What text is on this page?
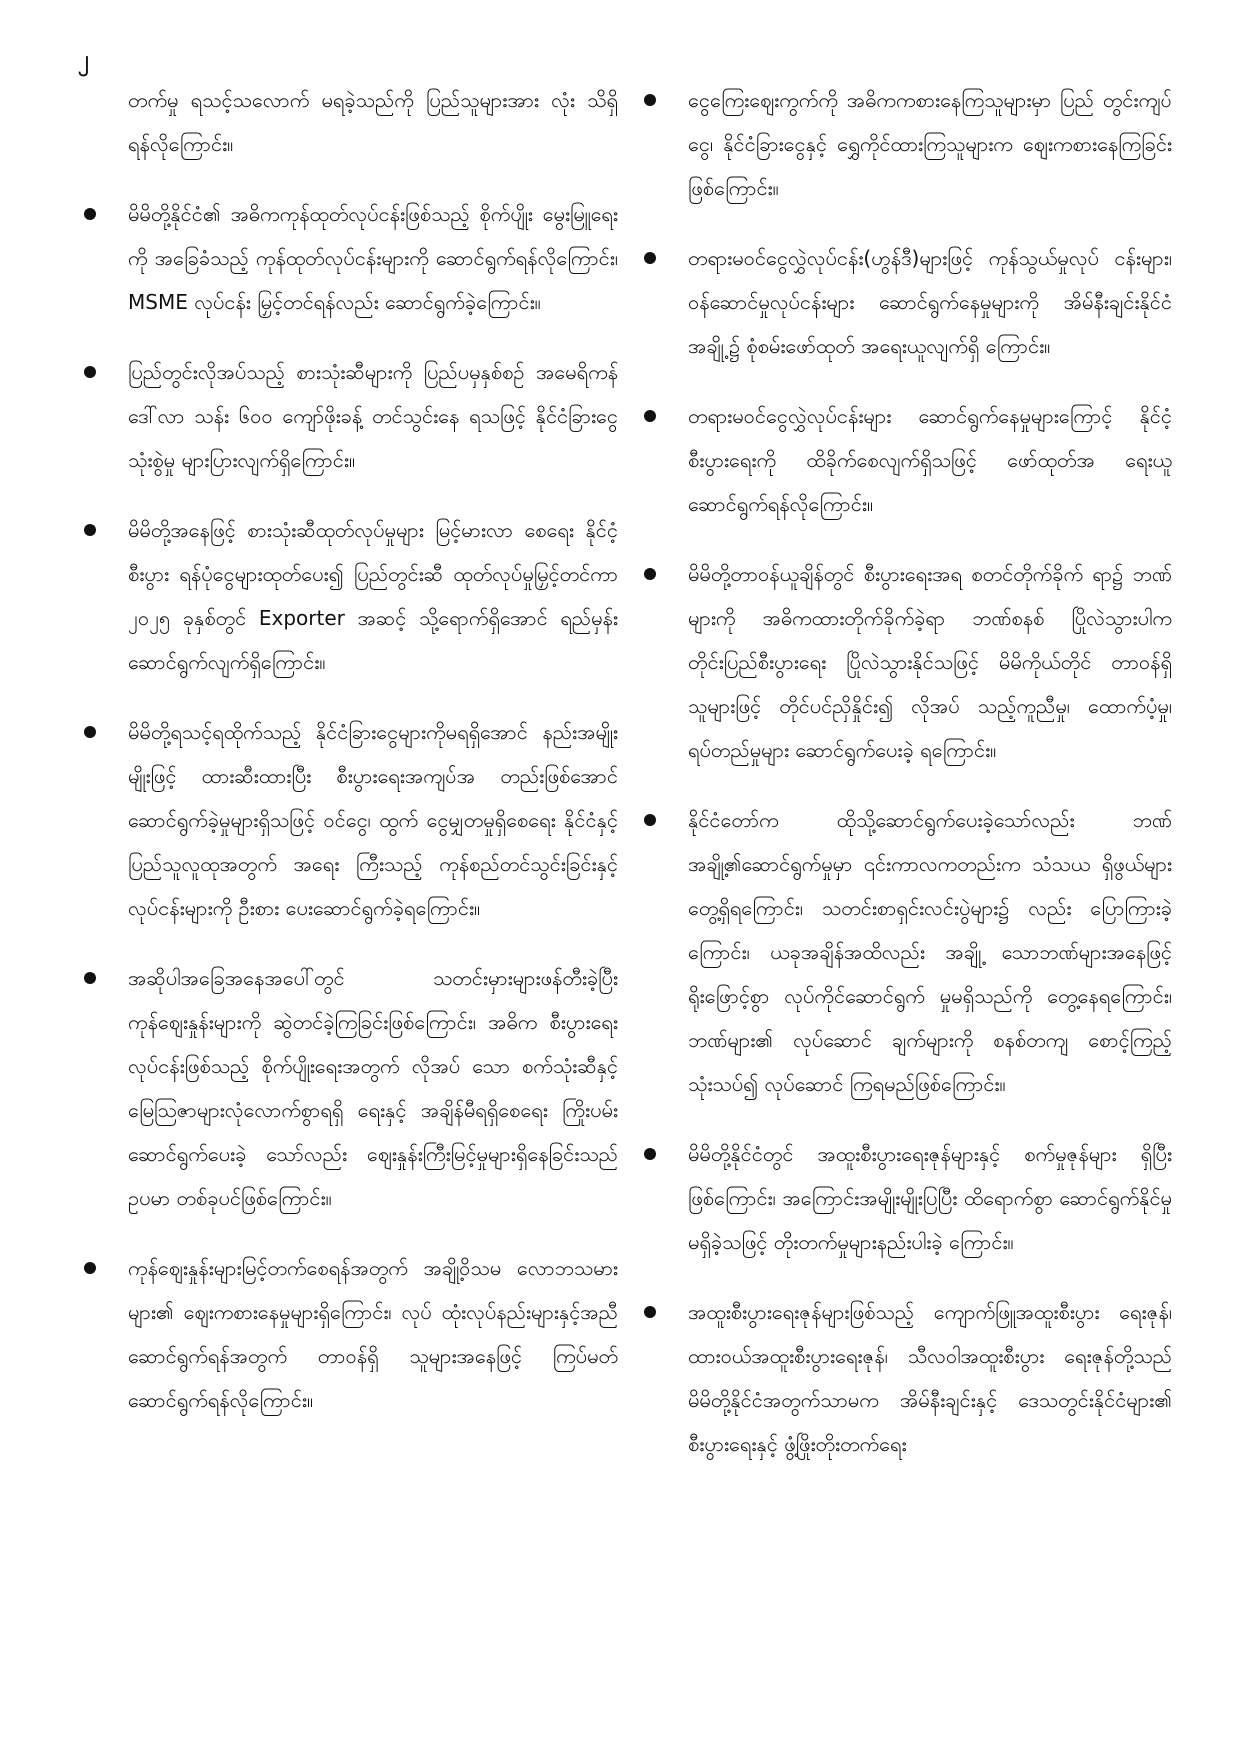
၂

တက်မှု ရသင့်သလောက် မရခဲ့သည်ကို ပြည်သူများအား လုံး သိရှိရန်လိုကြောင်း။

မိမိတို့နိုင်ငံ၏ အဓိကကုန်ထုတ်လုပ်ငန်းဖြစ်သည့် စိုက်ပျိုး မွေးမြူရေးကို အခြေခံသည့် ကုန်ထုတ်လုပ်ငန်းများကို ဆောင်ရွက်ရန်လိုကြောင်း၊ MSME လုပ်ငန်း မြှင့်တင်ရန်လည်း ဆောင်ရွက်ခဲ့ကြောင်း။
ပြည်တွင်းလိုအပ်သည့် စားသုံးဆီများကို ပြည်ပမှနှစ်စဉ် အမေရိကန်ဒေါ်လာ သန်း ၆၀၀ ကျော်ဖိုးခန့် တင်သွင်းနေ ရသဖြင့် နိုင်ငံခြားငွေသုံးစွဲမှု များပြားလျက်ရှိကြောင်း။
မိမိတို့အနေဖြင့် စားသုံးဆီထုတ်လုပ်မှုများ မြင့်မားလာ စေရေး နိုင်ငံ့စီးပွား ရန်ပုံငွေများထုတ်ပေး၍ ပြည်တွင်းဆီ ထုတ်လုပ်မှုမြှင့်တင်ကာ ၂၀၂၅ ခုနှစ်တွင် Exporter အဆင့် သို့ရောက်ရှိအောင် ရည်မှန်းဆောင်ရွက်လျက်ရှိကြောင်း။
မိမိတို့ရသင့်ရထိုက်သည့် နိုင်ငံခြားငွေများကိုမရရှိအောင် နည်းအမျိုးမျိုးဖြင့် ထားဆီးထားပြီး စီးပွားရေးအကျပ်အ တည်းဖြစ်အောင် ဆောင်ရွက်ခဲ့မှုများရှိသဖြင့် ဝင်ငွေ၊ ထွက် ငွေမျှတမှုရှိစေရေး နိုင်ငံနှင့်ပြည်သူလူထုအတွက် အရေး ကြီးသည့် ကုန်စည်တင်သွင်းခြင်းနှင့် လုပ်ငန်းများကို ဦးစား ပေးဆောင်ရွက်ခဲ့ရကြောင်း။
အဆိုပါအခြေအနေအပေါ်တွင် သတင်းမှားများဖန်တီးခဲ့ပြီး ကုန်ဈေးနှုန်းများကို ဆွဲတင်ခဲ့ကြခြင်းဖြစ်ကြောင်း၊ အဓိက စီးပွားရေးလုပ်ငန်းဖြစ်သည့် စိုက်ပျိုးရေးအတွက် လိုအပ် သော စက်သုံးဆီနှင့် မြေဩဇာများလုံလောက်စွာရရှိ ရေးနှင့် အချိန်မီရရှိစေရေး ကြိုးပမ်းဆောင်ရွက်ပေးခဲ့ သော်လည်း ဈေးနှုန်းကြီးမြင့်မှုများရှိနေခြင်းသည် ဥပမာ တစ်ခုပင်ဖြစ်ကြောင်း။
ကုန်ဈေးနှုန်းများမြင့်တက်စေရန်အတွက် အချို့ဝိသမ လောဘသမားများ၏ ဈေးကစားနေမှုများရှိကြောင်း၊ လုပ် ထုံးလုပ်နည်းများနှင့်အညီ ဆောင်ရွက်ရန်အတွက် တာဝန်ရှိ သူများအနေဖြင့် ကြပ်မတ်ဆောင်ရွက်ရန်လိုကြောင်း။
ငွေကြေးဈေးကွက်ကို အဓိကကစားနေကြသူများမှာ ပြည် တွင်းကျပ်ငွေ၊ နိုင်ငံခြားငွေနှင့် ရွှေကိုင်ထားကြသူများက ဈေးကစားနေကြခြင်းဖြစ်ကြောင်း။
တရားမဝင်ငွေလွှဲလုပ်ငန်း(ဟွန်ဒီ)များဖြင့် ကုန်သွယ်မှုလုပ် ငန်းများ၊ ဝန်ဆောင်မှုလုပ်ငန်းများ ဆောင်ရွက်နေမှုများကို အိမ်နီးချင်းနိုင်ငံအချို့၌ စုံစမ်းဖော်ထုတ် အရေးယူလျက်ရှိ ကြောင်း။
တရားမဝင်ငွေလွှဲလုပ်ငန်းများ ဆောင်ရွက်နေမှုများကြောင့် နိုင်ငံ့စီးပွားရေးကို ထိခိုက်စေလျက်ရှိသဖြင့် ဖော်ထုတ်အ ရေးယူ ဆောင်ရွက်ရန်လိုကြောင်း။
မိမိတို့တာဝန်ယူချိန်တွင် စီးပွားရေးအရ စတင်တိုက်ခိုက် ရာ၌ ဘဏ်များကို အဓိကထားတိုက်ခိုက်ခဲ့ရာ ဘဏ်စနစ် ပြိုလဲသွားပါက တိုင်းပြည်စီးပွားရေး ပြိုလဲသွားနိုင်သဖြင့် မိမိကိုယ်တိုင် တာဝန်ရှိသူများဖြင့် တိုင်ပင်ညှိနှိုင်း၍ လိုအပ် သည့်ကူညီမှု၊ ထောက်ပံ့မှု၊ ရပ်တည်မှုများ ဆောင်ရွက်ပေးခဲ့ ရကြောင်း။
နိုင်ငံတော်က ထိုသို့ဆောင်ရွက်ပေးခဲ့သော်လည်း ဘဏ် အချို့၏ဆောင်ရွက်မှုမှာ ၎င်းကာလကတည်းက သံသယ ရှိဖွယ်များ တွေ့ရှိရကြောင်း၊ သတင်းစာရှင်းလင်းပွဲများ၌ လည်း ပြောကြားခဲ့ကြောင်း၊ ယခုအချိန်အထိလည်း အချို့ သောဘဏ်များအနေဖြင့် ရိုးဖြောင့်စွာ လုပ်ကိုင်ဆောင်ရွက် မှုမရှိသည်ကို တွေ့နေရကြောင်း၊ ဘဏ်များ၏ လုပ်ဆောင် ချက်များကို စနစ်တကျ စောင့်ကြည့်သုံးသပ်၍ လုပ်ဆောင် ကြရမည်ဖြစ်ကြောင်း။
မိမိတို့နိုင်ငံတွင် အထူးစီးပွားရေးဇုန်များနှင့် စက်မှုဇုန်များ ရှိပြီးဖြစ်ကြောင်း၊ အကြောင်းအမျိုးမျိုးပြပြီး ထိရောက်စွာ ဆောင်ရွက်နိုင်မှုမရှိခဲ့သဖြင့် တိုးတက်မှုများနည်းပါးခဲ့ ကြောင်း။
အထူးစီးပွားရေးဇုန်များဖြစ်သည့် ကျောက်ဖြူအထူးစီးပွား ရေးဇုန်၊ ထားဝယ်အထူးစီးပွားရေးဇုန်၊ သီလဝါအထူးစီးပွား ရေးဇုန်တို့သည် မိမိတို့နိုင်ငံအတွက်သာမက အိမ်နီးချင်းနှင့် ဒေသတွင်းနိုင်ငံများ၏ စီးပွားရေးနှင့် ဖွံ့ဖြိုးတိုးတက်ရေး
